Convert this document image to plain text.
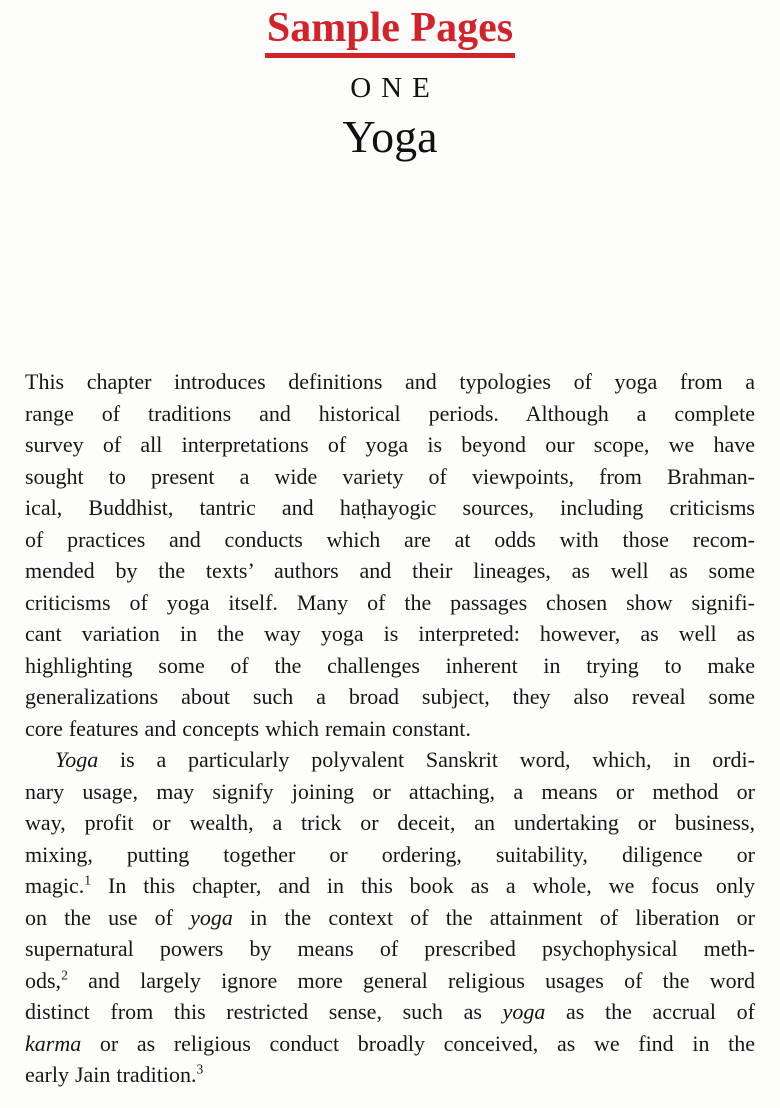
Sample Pages
ONE
Yoga

This chapter introduces definitions and typologies of yoga from a
range of traditions and historical periods. Although a complete
survey of all interpretations of yoga is beyond our scope, we have
sought to present a wide variety of viewpoints, from Brahman-
ical, Buddhist, tantric and haṭhayogic sources, including criticisms
of practices and conducts which are at odds with those recom-
mended by the texts’ authors and their lineages, as well as some
criticisms of yoga itself. Many of the passages chosen show signifi-
cant variation in the way yoga is interpreted: however, as well as
highlighting some of the challenges inherent in trying to make
generalizations about such a broad subject, they also reveal some
core features and concepts which remain constant.

Yoga is a particularly polyvalent Sanskrit word, which, in ordi-
nary usage, may signify joining or attaching, a means or method or
way, profit or wealth, a trick or deceit, an undertaking or business,
mixing, putting together or ordering, suitability, diligence or
magic.$^1$ In this chapter, and in this book as a whole, we focus only
on the use of yoga in the context of the attainment of liberation or
supernatural powers by means of prescribed psychophysical meth-
ods,$^2$ and largely ignore more general religious usages of the word
distinct from this restricted sense, such as yoga as the accrual of
karma or as religious conduct broadly conceived, as we find in the
early Jain tradition.$^3$
